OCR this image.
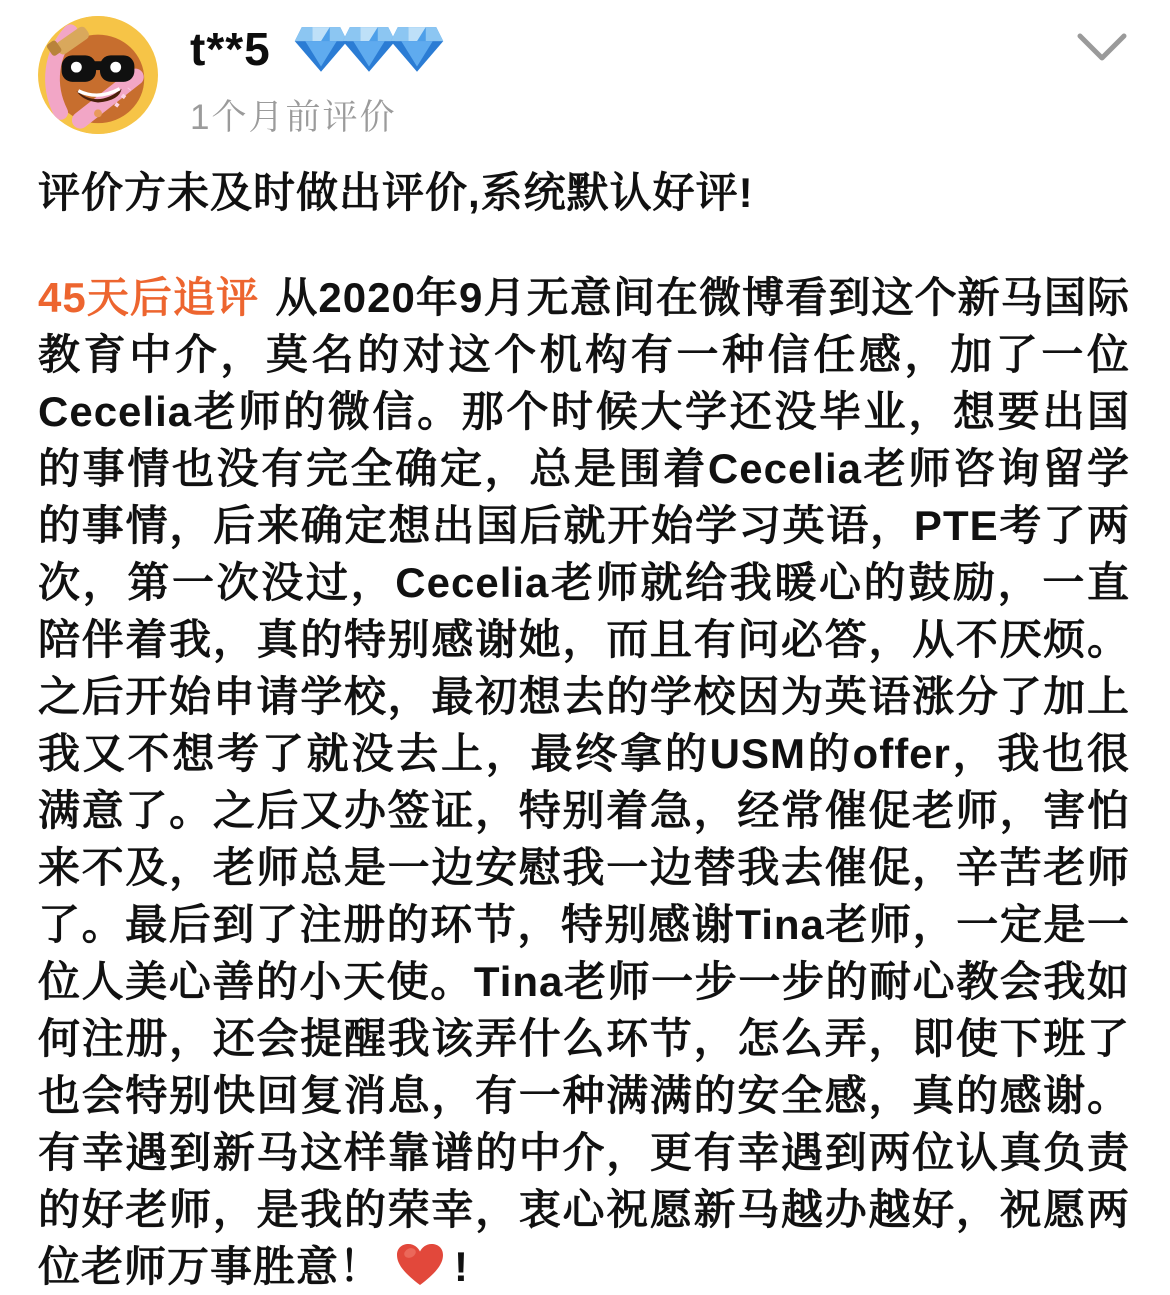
t**5
1个月前评价
评价方未及时做出评价,系统默认好评!

45天后追评 从2020年9月无意间在微博看到这个新马国际教育中介，莫名的对这个机构有一种信任感，加了一位Cecelia老师的微信。那个时候大学还没毕业，想要出国的事情也没有完全确定，总是围着Cecelia老师咨询留学的事情，后来确定想出国后就开始学习英语，PTE考了两次，第一次没过，Cecelia老师就给我暖心的鼓励，一直陪伴着我，真的特别感谢她，而且有问必答，从不厌烦。之后开始申请学校，最初想去的学校因为英语涨分了加上我又不想考了就没去上，最终拿的USM的offer，我也很满意了。之后又办签证，特别着急，经常催促老师，害怕来不及，老师总是一边安慰我一边替我去催促，辛苦老师了。最后到了注册的环节，特别感谢Tina老师，一定是一位人美心善的小天使。Tina老师一步一步的耐心教会我如何注册，还会提醒我该弄什么环节，怎么弄，即使下班了也会特别快回复消息，有一种满满的安全感，真的感谢。有幸遇到新马这样靠谱的中介，更有幸遇到两位认真负责的好老师，是我的荣幸，衷心祝愿新马越办越好，祝愿两位老师万事胜意！ !
